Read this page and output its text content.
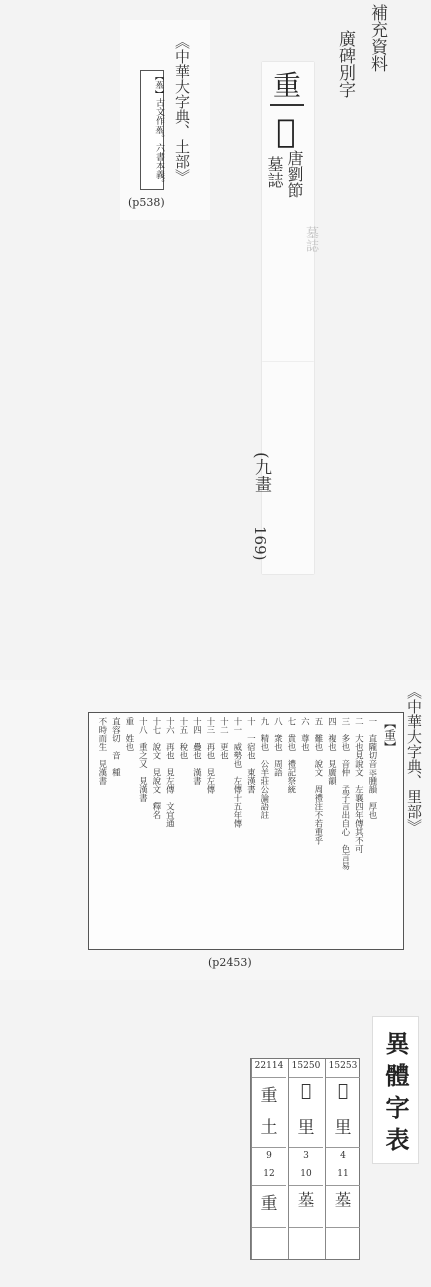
補充資料
廣碑別字
《中華大字典、土部》
【𡎸】古文作𡎸。六書本義。
(p538)
重
𡍢
唐劉節
墓誌
墓誌
(九畫
169)
《中華大字典、里部》
【重】
一　直隴切音𠦓腫韻　厚也
二　大也見說文　左襄四年傳其不可
三　多也　音仲　孟子言出自心　色言易
四　複也　見廣韻
五　難也　說文　周禮注不若重乎
六　尊也
七　貴也　禮記祭統
八　衆也　周語
九　精也　公羊莊公論語註
十　一宿也　東漢書
十一　威勢也　左傳十五年傳
十二　更也
十三　再也　見左傳
十四　疊也　漢書
十五　稅也
十六　再也　見左傳　文宜通
十七　說文　見說文　釋名
十八　重之又　見漢書
重　姓也
直容切　音　種
不時而生　見漢書
(p2453)
15253
𡍢
里
4
11
𡎸
15250
𡍢
里
3
10
𡎸
22114
重
土
9
12
重
異體字表
